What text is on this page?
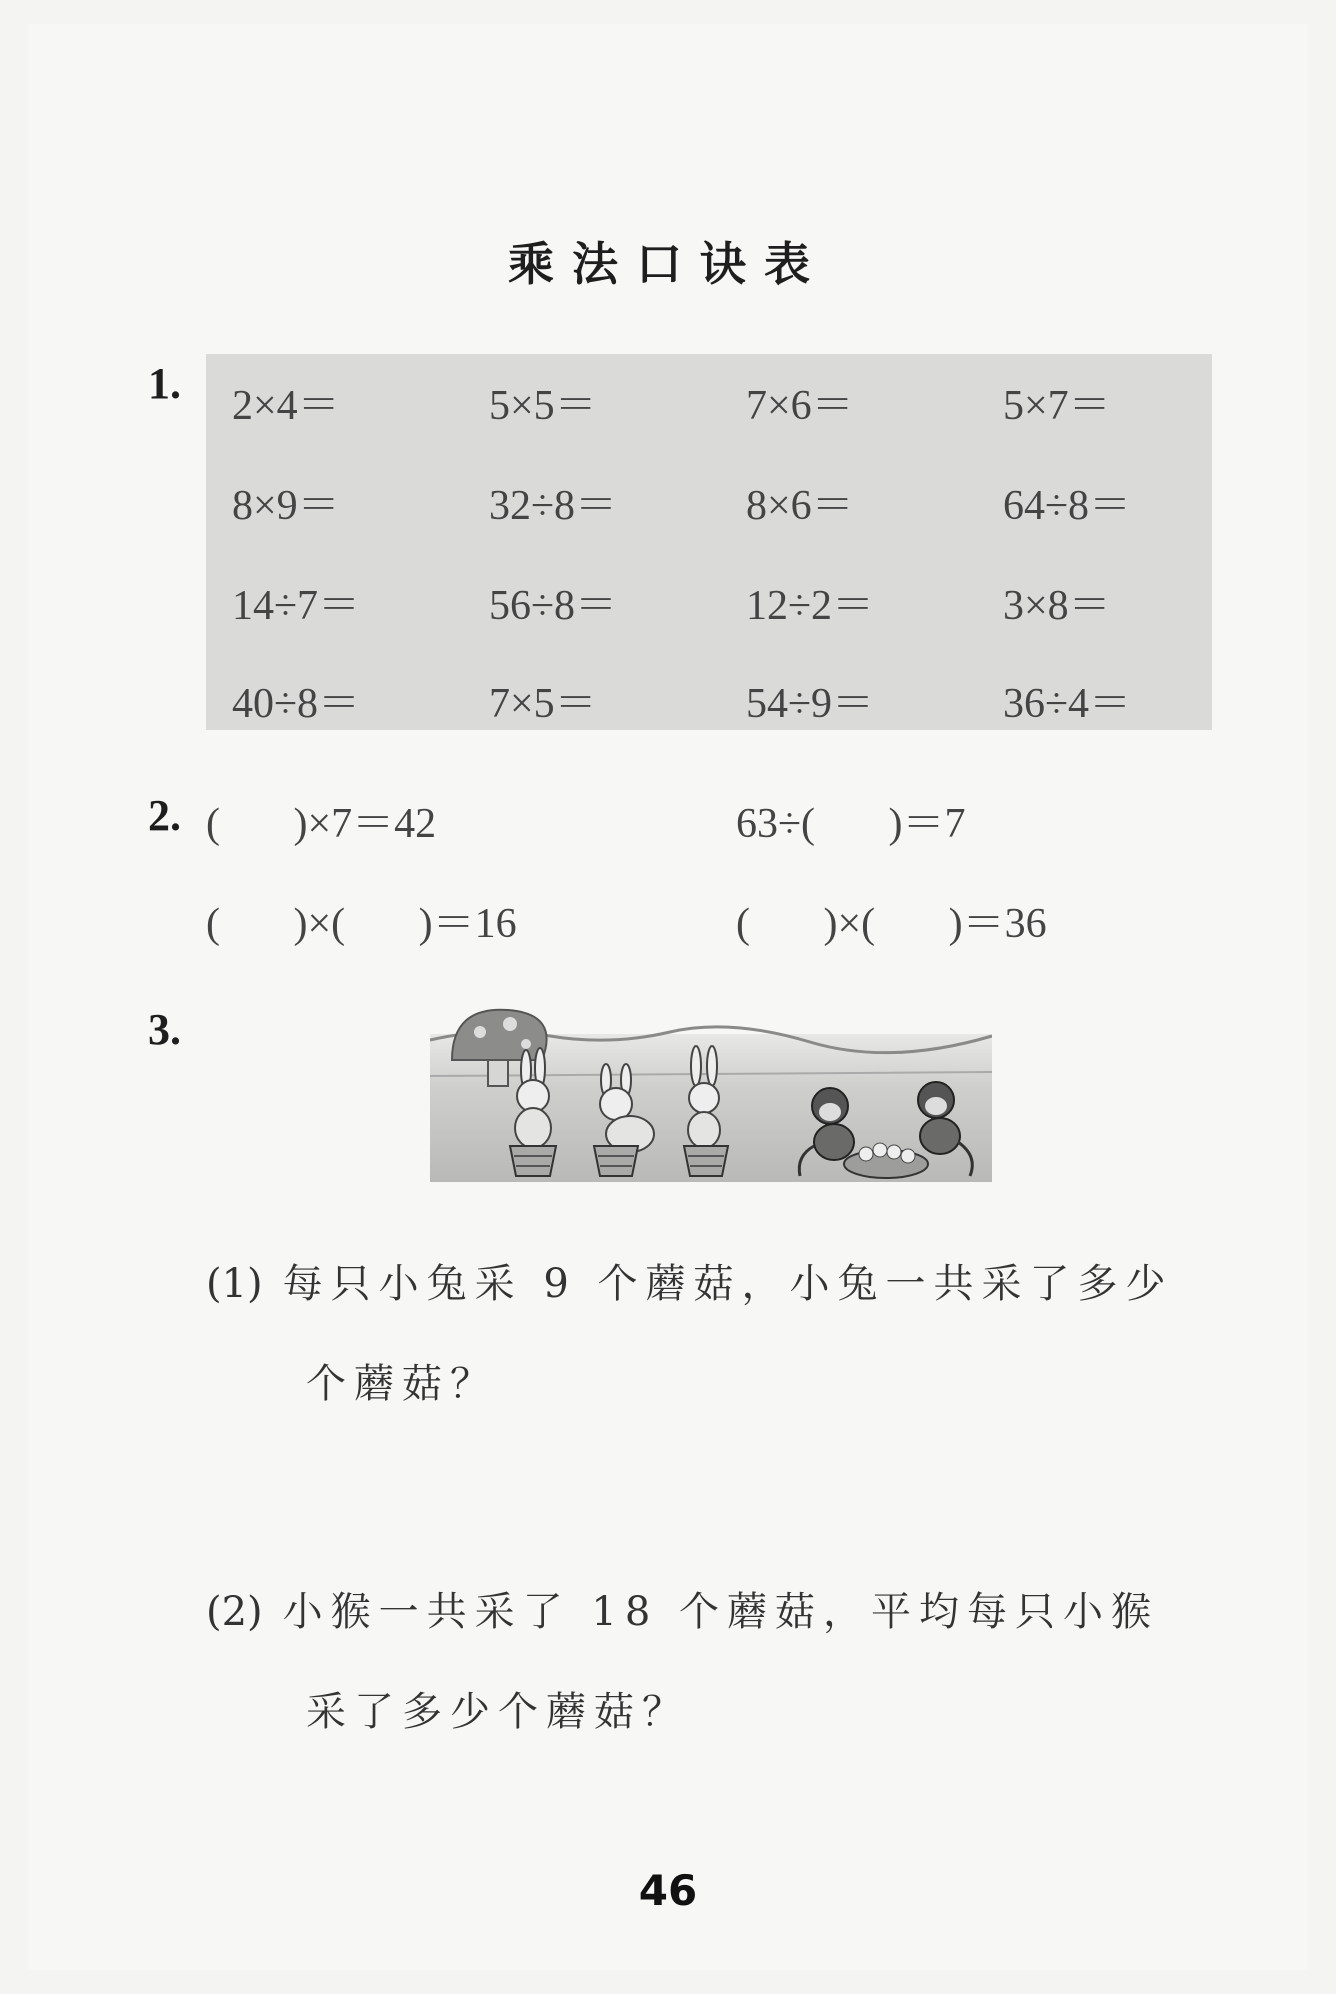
乘法口诀表
1. 2×4＝	5×5＝	7×6＝	5×7＝
8×9＝	32÷8＝	8×6＝	64÷8＝
14÷7＝	56÷8＝	12÷2＝	3×8＝
40÷8＝	7×5＝	54÷9＝	36÷4＝
2. (       )×7＝42	63÷(       )＝7
(       )×(       )＝16	(       )×(       )＝36
3.
(1) 每只小兔采 9 个蘑菇，小兔一共采了多少
个蘑菇？
(2) 小猴一共采了 18 个蘑菇，平均每只小猴
采了多少个蘑菇？
46
